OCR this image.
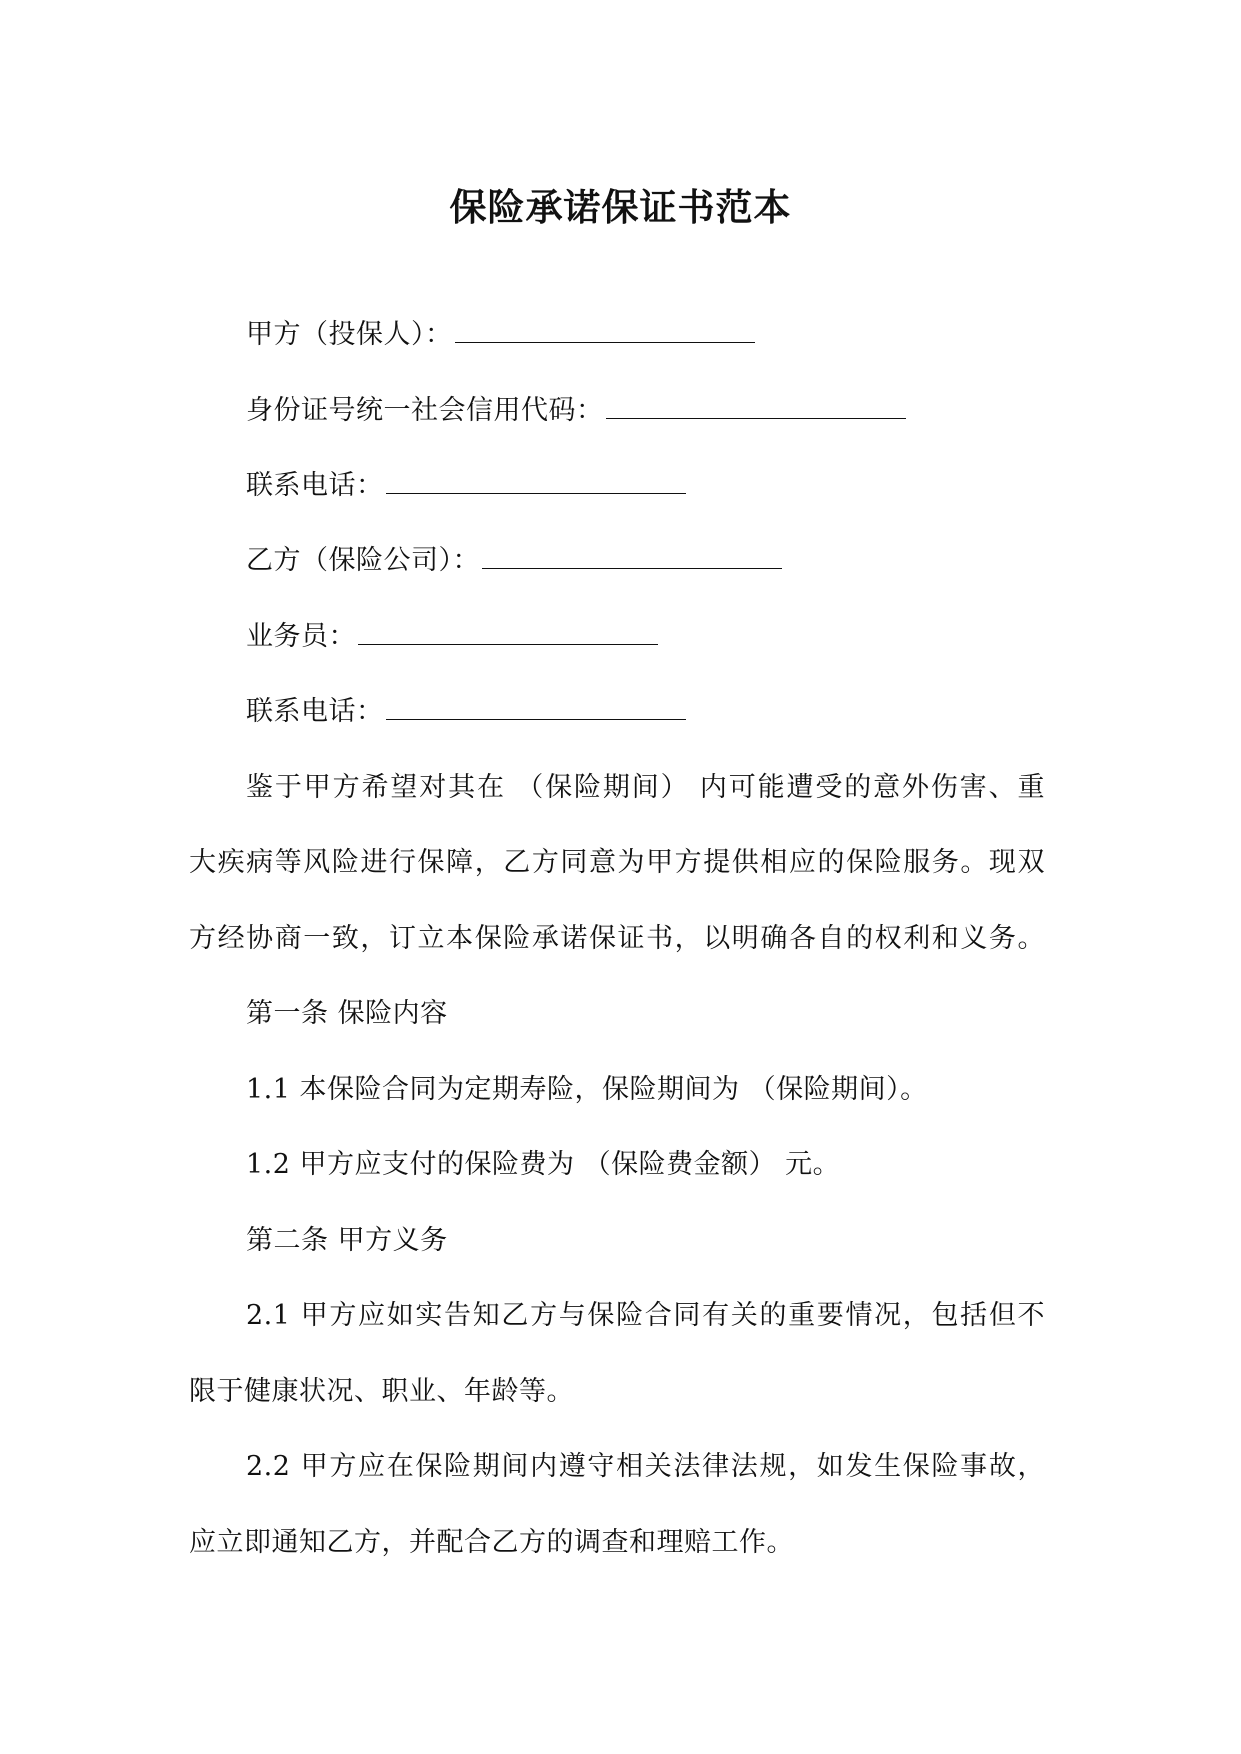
保险承诺保证书范本
甲方（投保人）：
身份证号统一社会信用代码：
联系电话：
乙方（保险公司）：
业务员：
联系电话：
鉴于甲方希望对其在 （保险期间） 内可能遭受的意外伤害、重
大疾病等风险进行保障，乙方同意为甲方提供相应的保险服务。现双
方经协商一致，订立本保险承诺保证书，以明确各自的权利和义务。
第一条 保险内容
1.1 本保险合同为定期寿险，保险期间为 （保险期间）。
1.2 甲方应支付的保险费为 （保险费金额） 元。
第二条 甲方义务
2.1 甲方应如实告知乙方与保险合同有关的重要情况，包括但不
限于健康状况、职业、年龄等。
2.2 甲方应在保险期间内遵守相关法律法规，如发生保险事故，
应立即通知乙方，并配合乙方的调查和理赔工作。
